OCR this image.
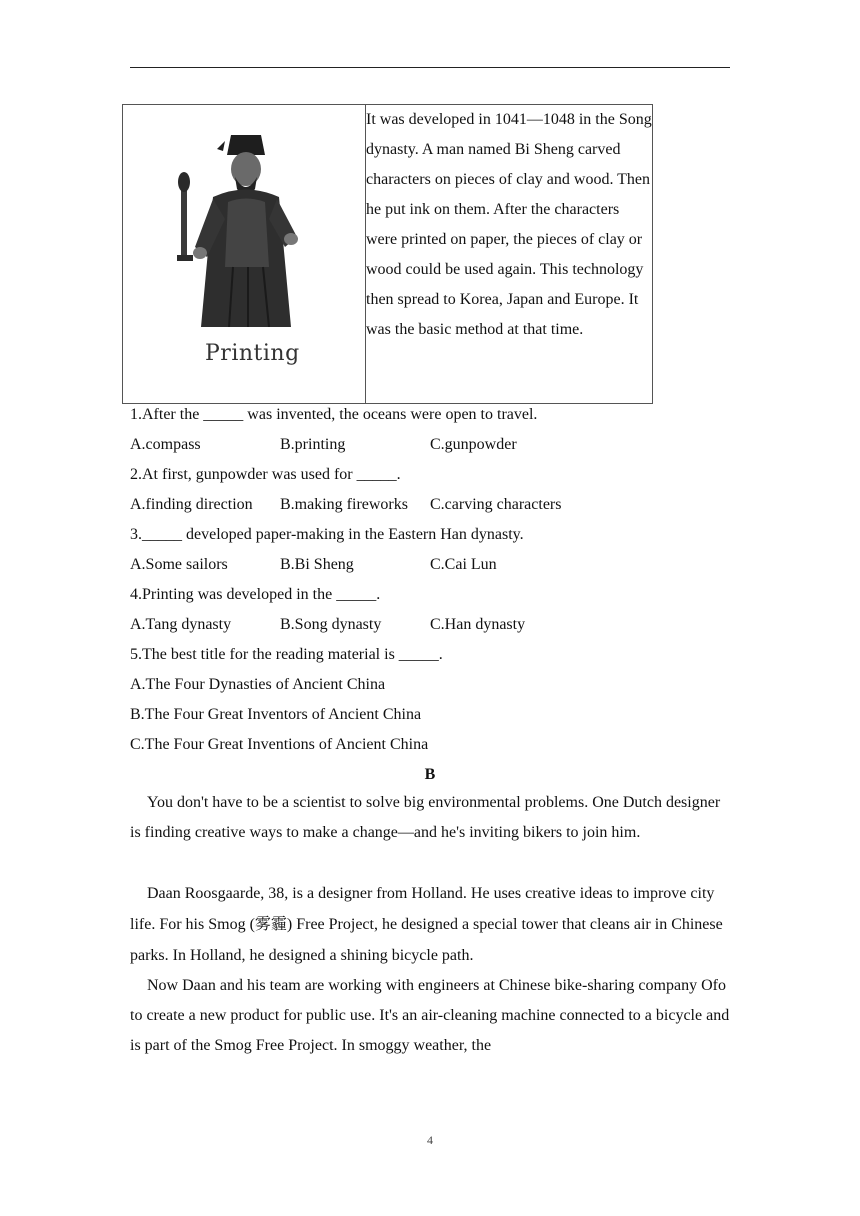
Printing
	It was developed in 1041—1048 in the Song dynasty. A man named Bi Sheng carved characters on pieces of clay and wood. Then he put ink on them. After the characters were printed on paper, the pieces of clay or wood could be used again. This technology then spread to Korea, Japan and Europe. It was the basic method at that time.
1.After the _____ was invented, the oceans were open to travel.
A.compass	B.printing	C.gunpowder
2.At first, gunpowder was used for _____.
A.finding direction B.making fireworks C.carving characters
3._____ developed paper-making in the Eastern Han dynasty.
A.Some sailors	B.Bi Sheng	C.Cai Lun
4.Printing was developed in the _____.
A.Tang dynasty	B.Song dynasty	C.Han dynasty
5.The best title for the reading material is _____.
A.The Four Dynasties of Ancient China
B.The Four Great Inventors of Ancient China
C.The Four Great Inventions of Ancient China
B
You don't have to be a scientist to solve big environmental problems. One Dutch designer is finding creative ways to make a change—and he's inviting bikers to join him.
Daan Roosgaarde, 38, is a designer from Holland. He uses creative ideas to improve city life. For his Smog (雾霾) Free Project, he designed a special tower that cleans air in Chinese parks. In Holland, he designed a shining bicycle path.
Now Daan and his team are working with engineers at Chinese bike-sharing company Ofo to create a new product for public use. It's an air-cleaning machine connected to a bicycle and is part of the Smog Free Project. In smoggy weather, the
4
